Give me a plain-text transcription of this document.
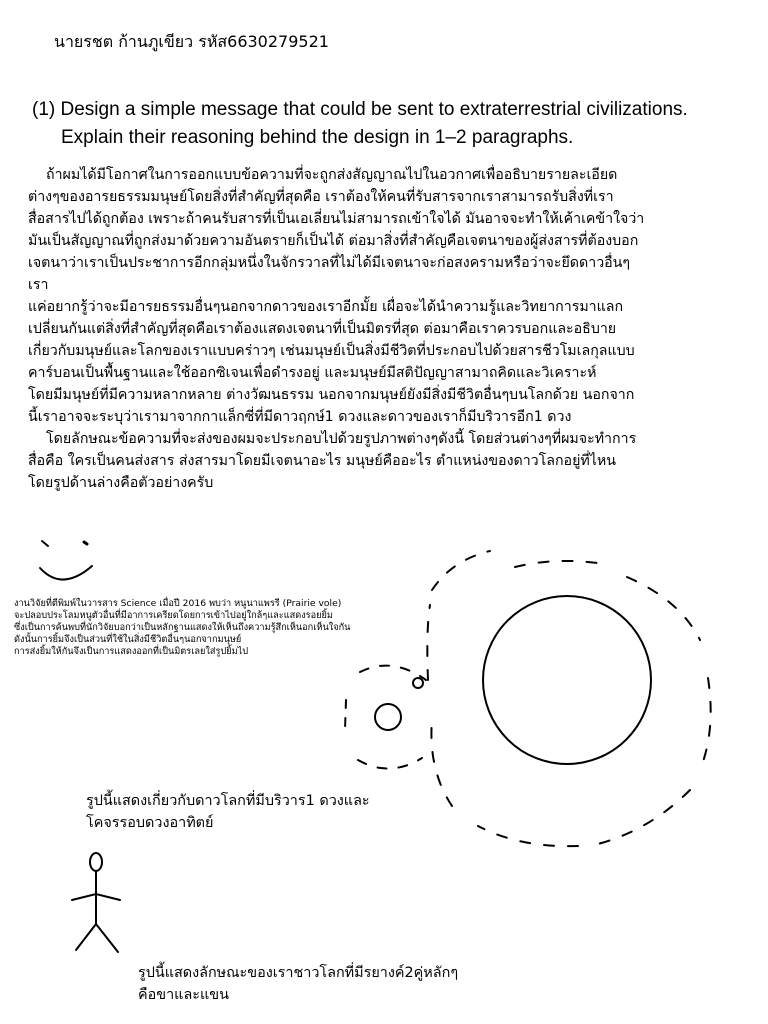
นายรชต ก้านภูเขียว รหัส6630279521
(1) Design a simple message that could be sent to extraterrestrial civilizations.
Explain their reasoning behind the design in 1–2 paragraphs.
ถ้าผมได้มีโอกาศในการออกแบบข้อความที่จะถูกส่งสัญญาณไปในอวกาศเพื่ออธิบายรายละเอียด
ต่างๆของอารยธรรมมนุษย์โดยสิ่งที่สำคัญที่สุดคือ เราต้องให้คนที่รับสารจากเราสามารถรับสิ่งที่เรา
สื่อสารไปได้ถูกต้อง เพราะถ้าคนรับสารที่เป็นเอเลี่ยนไม่สามารถเข้าใจได้ มันอาจจะทำให้เค้าเคข้าใจว่า
มันเป็นสัญญาณที่ถูกส่งมาด้วยความอันตรายก็เป็นได้ ต่อมาสิ่งที่สำคัญคือเจตนาของผู้ส่งสารที่ต้องบอก
เจตนาว่าเราเป็นประชาการอีกกลุ่มหนึ่งในจักรวาลที่ไม่ได้มีเจตนาจะก่อสงครามหรือว่าจะยึดดาวอื่นๆ
เรา
แค่อยากรู้ว่าจะมีอารยธรรมอื่นๆนอกจากดาวของเราอีกมั้ย เผื่อจะได้นำความรู้และวิทยาการมาแลก
เปลี่ยนกันแต่สิ่งที่สำคัญที่สุดคือเราต้องแสดงเจตนาที่เป็นมิตรที่สุด ต่อมาคือเราควรบอกและอธิบาย
เกี่ยวกับมนุษย์และโลกของเราแบบคร่าวๆ เช่นมนุษย์เป็นสิ่งมีชีวิตที่ประกอบไปด้วยสารชีวโมเลกุลแบบ
คาร์บอนเป็นพื้นฐานและใช้ออกซิเจนเพื่อดำรงอยู่ และมนุษย์มีสติปัญญาสามาถคิดและวิเคราะห์
โดยมีมนุษย์ที่มีความหลากหลาย ต่างวัฒนธรรม นอกจากมนุษย์ยังมีสิ่งมีชีวิตอื่นๆบนโลกด้วย นอกจาก
นี้เราอาจจะระบุว่าเรามาจากกาแล็กซี่ที่มีดาวฤกษ์1 ดวงและดาวของเราก็มีบริวารอีก1 ดวง
โดยลักษณะข้อความที่จะส่งของผมจะประกอบไปด้วยรูปภาพต่างๆดังนี้ โดยส่วนต่างๆที่ผมจะทำการ
สื่อคือ ใครเป็นคนส่งสาร ส่งสารมาโดยมีเจตนาอะไร มนุษย์คืออะไร ตำแหน่งของดาวโลกอยู่ที่ไหน
โดยรูปด้านล่างคือตัวอย่างครับ
งานวิจัยที่ตีพิมพ์ในวารสาร Science เมื่อปี 2016 พบว่า หนูนาแพรรี (Prairie vole)
จะปลอบประโลมหนูตัวอื่นที่มีอาการเครียดโดยการเข้าไปอยู่ใกล้ๆและแสดงรอยยิ้ม
ซึ่งเป็นการค้นพบที่นักวิจัยบอกว่าเป็นหลักฐานแสดงให้เห็นถึงความรู้สึกเห็นอกเห็นใจกัน
ดังนั้นการยิ้มจึงเป็นส่วนที่ใช้ในสิ่งมีชีวิตอื่นๆนอกจากมนุษย์
การส่งยิ้มให้กันจึงเป็นการแสดงออกที่เป็นมิตรเลยใส่รูปยิ้มไป
รูปนี้แสดงเกี่ยวกับดาวโลกที่มีบริวาร1 ดวงและ
โคจรรอบดวงอาทิตย์
รูปนี้แสดงลักษณะของเราชาวโลกที่มีรยางค์2คู่หลักๆ
คือขาและแขน
